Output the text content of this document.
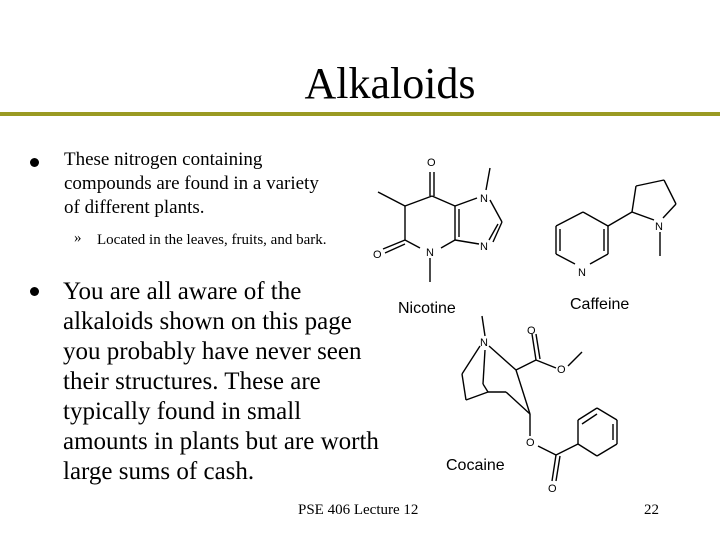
Alkaloids
These nitrogen containing compounds are found in a variety of different plants.
» Located in the leaves, fruits, and bark.
You are all aware of the alkaloids shown on this page you probably have never seen their structures. These are typically found in small amounts in plants but are worth large sums of cash.
O
N
N
N
O
N
N
N
O
O
O
O
Nicotine	Caffeine
Cocaine
PSE 406 Lecture 12	22
